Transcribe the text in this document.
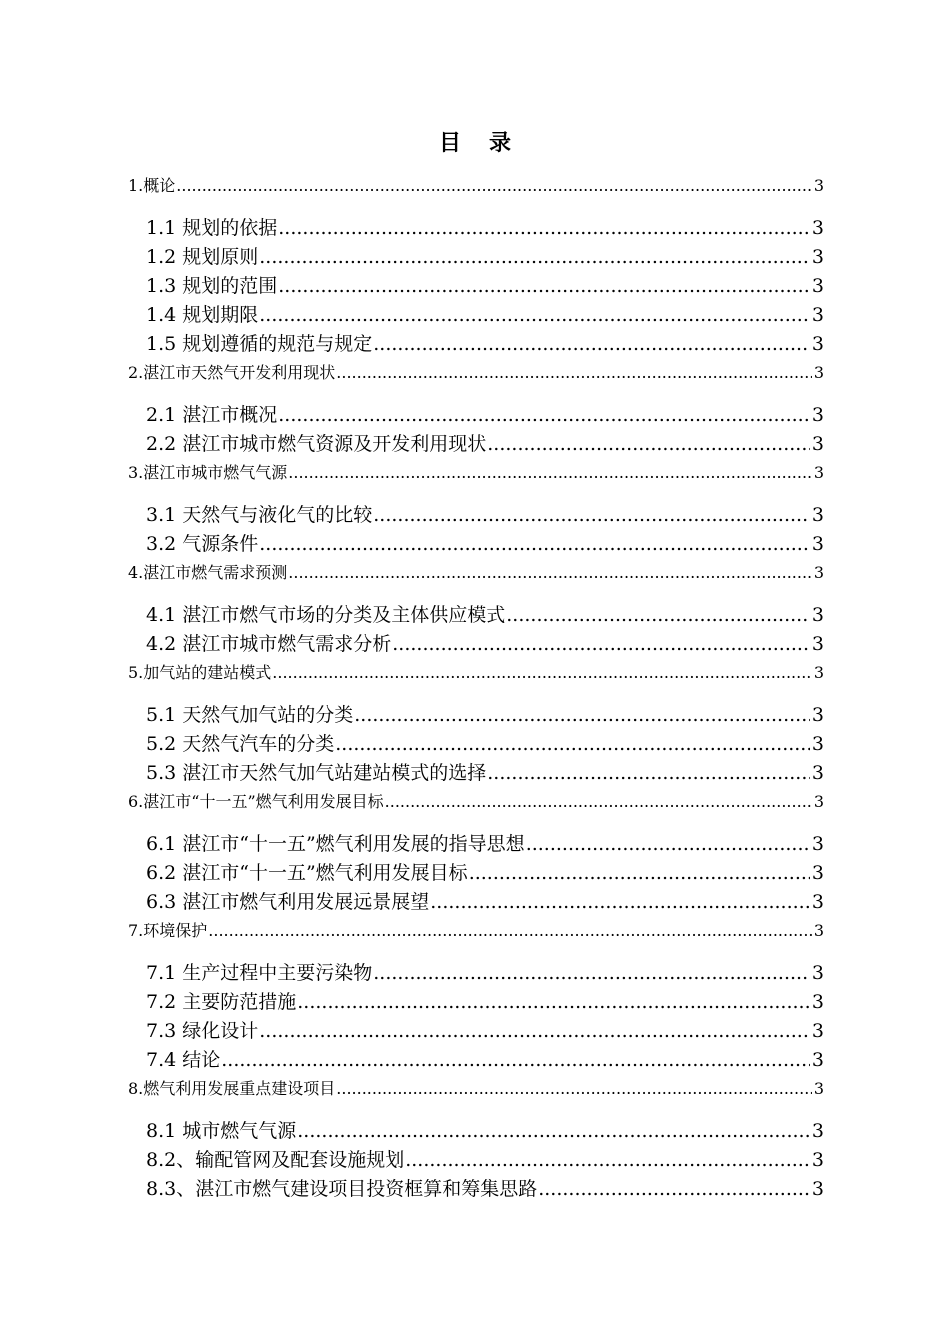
目 录
1.概论 .....	3
1.1 规划的依据 .....	3
1.2 规划原则 .....	3
1.3 规划的范围 .....	3
1.4 规划期限 .....	3
1.5 规划遵循的规范与规定 .....	3
2.湛江市天然气开发利用现状 .....	3
2.1 湛江市概况 .....	3
2.2 湛江市城市燃气资源及开发利用现状 .....	3
3.湛江市城市燃气气源 .....	3
3.1 天然气与液化气的比较 .....	3
3.2 气源条件 .....	3
4.湛江市燃气需求预测 .....	3
4.1 湛江市燃气市场的分类及主体供应模式 .....	3
4.2 湛江市城市燃气需求分析 .....	3
5.加气站的建站模式 .....	3
5.1 天然气加气站的分类 .....	3
5.2 天然气汽车的分类 .....	3
5.3 湛江市天然气加气站建站模式的选择 .....	3
6.湛江市“十一五”燃气利用发展目标 .....	3
6.1 湛江市“十一五”燃气利用发展的指导思想 .....	3
6.2 湛江市“十一五”燃气利用发展目标 .....	3
6.3 湛江市燃气利用发展远景展望 .....	3
7.环境保护 .....	3
7.1 生产过程中主要污染物 .....	3
7.2 主要防范措施 .....	3
7.3 绿化设计 .....	3
7.4 结论 .....	3
8.燃气利用发展重点建设项目 .....	3
8.1 城市燃气气源 .....	3
8.2、输配管网及配套设施规划 .....	3
8.3、湛江市燃气建设项目投资框算和筹集思路 .....	3
